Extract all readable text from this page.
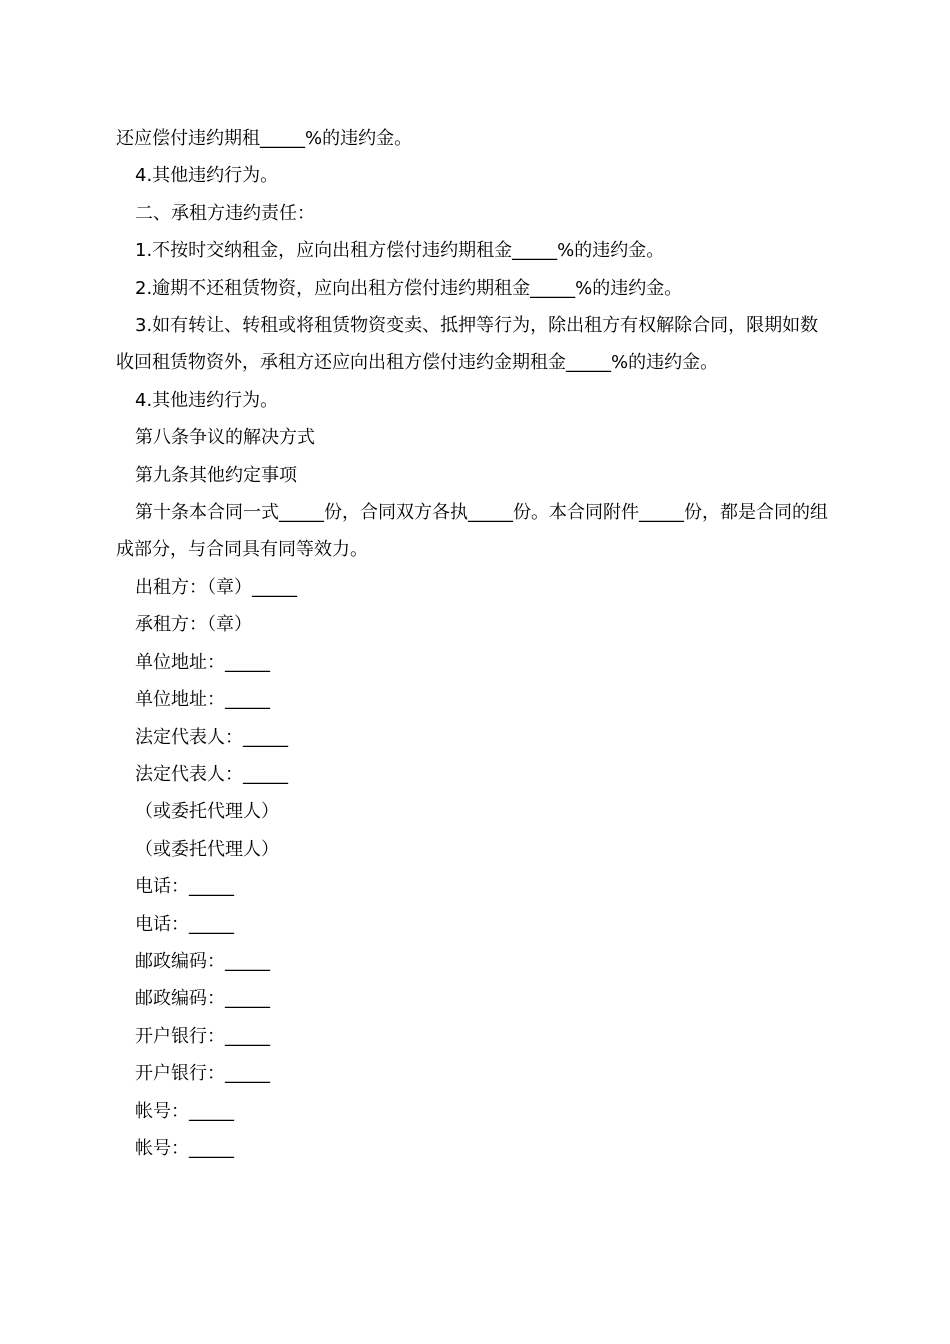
还应偿付违约期租_____%的违约金。

4.其他违约行为。

二、承租方违约责任：

1.不按时交纳租金，应向出租方偿付违约期租金_____%的违约金。

2.逾期不还租赁物资，应向出租方偿付违约期租金_____%的违约金。

3.如有转让、转租或将租赁物资变卖、抵押等行为，除出租方有权解除合同，限期如数收回租赁物资外，承租方还应向出租方偿付违约金期租金_____%的违约金。

4.其他违约行为。

第八条争议的解决方式

第九条其他约定事项

第十条本合同一式_____份，合同双方各执_____份。本合同附件_____份，都是合同的组成部分，与合同具有同等效力。

出租方：（章）_____

承租方：（章）

单位地址：_____

单位地址：_____

法定代表人：_____

法定代表人：_____

（或委托代理人）

（或委托代理人）

电话：_____

电话：_____

邮政编码：_____

邮政编码：_____

开户银行：_____

开户银行：_____

帐号：_____

帐号：_____
